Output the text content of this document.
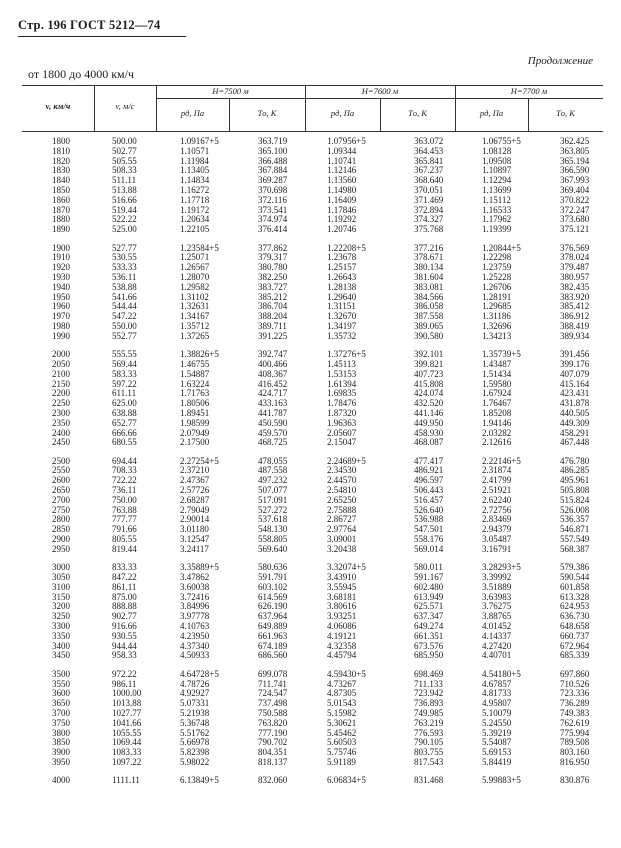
Стр. 196 ГОСТ 5212—74
Продолжение
от 1800 до 4000 км/ч
Н=7500 м	Н=7600 м	Н=7700 м
v, км/ч	v, м/с
pд, Па	Tо, К	pд, Па	Tо, К	pд, Па	Tо, К
1800	500.00	1.09167+5	363.719	1.07956+5	363.072	1.06755+5	362.425
1810	502.77	1.10571	365.100	1.09344	364.453	1.08128	363.805
1820	505.55	1.11984	366.488	1.10741	365.841	1.09508	365.194
1830	508.33	1.13405	367.884	1.12146	367.237	1.10897	366.590
1840	511.11	1.14834	369.287	1.13560	368.640	1.12294	367.993
1850	513.88	1.16272	370.698	1.14980	370.051	1.13699	369.404
1860	516.66	1.17718	372.116	1.16409	371.469	1.15112	370.822
1870	519.44	1.19172	373.541	1.17846	372.894	1.16533	372.247
1880	522.22	1.20634	374.974	1.19292	374.327	1.17962	373.680
1890	525.00	1.22105	376.414	1.20746	375.768	1.19399	375.121
1900	527.77	1.23584+5	377.862	1.22208+5	377.216	1.20844+5	376.569
1910	530.55	1.25071	379.317	1.23678	378.671	1.22298	378.024
1920	533.33	1.26567	380.780	1.25157	380.134	1.23759	379.487
1930	536.11	1.28070	382.250	1.26643	381.604	1.25228	380.957
1940	538.88	1.29582	383.727	1.28138	383.081	1.26706	382.435
1950	541.66	1.31102	385.212	1.29640	384.566	1.28191	383.920
1960	544.44	1.32631	386.704	1.31151	386.058	1.29685	385.412
1970	547.22	1.34167	388.204	1.32670	387.558	1.31186	386.912
1980	550.00	1.35712	389.711	1.34197	389.065	1.32696	388.419
1990	552.77	1.37265	391.225	1.35732	390.580	1.34213	389.934
2000	555.55	1.38826+5	392.747	1.37276+5	392.101	1.35739+5	391.456
2050	569.44	1.46755	400.466	1.45113	399.821	1.43487	399.176
2100	583.33	1.54887	408.367	1.53153	407.723	1.51434	407.079
2150	597.22	1.63224	416.452	1.61394	415.808	1.59580	415.164
2200	611.11	1.71763	424.717	1.69835	424.074	1.67924	423.431
2250	625.00	1.80506	433.163	1.78476	432.520	1.76467	431.878
2300	638.88	1.89451	441.787	1.87320	441.146	1.85208	440.505
2350	652.77	1.98599	450.590	1.96363	449.950	1.94146	449.309
2400	666.66	2.07949	459.570	2.05607	458.930	2.03282	458.291
2450	680.55	2.17500	468.725	2.15047	468.087	2.12616	467.448
2500	694.44	2.27254+5	478.055	2.24689+5	477.417	2.22146+5	476.780
2550	708.33	2.37210	487.558	2.34530	486.921	2.31874	486.285
2600	722.22	2.47367	497.232	2.44570	496.597	2.41799	495.961
2650	736.11	2.57726	507.077	2.54810	506.443	2.51921	505.808
2700	750.00	2.68287	517.091	2.65250	516.457	2.62240	515.824
2750	763.88	2.79049	527.272	2.75888	526.640	2.72756	526.008
2800	777.77	2.90014	537.618	2.86727	536.988	2.83469	536.357
2850	791.66	3.01180	548.130	2.97764	547.501	2.94379	546.871
2900	805.55	3.12547	558.805	3.09001	558.176	3.05487	557.549
2950	819.44	3.24117	569.640	3.20438	569.014	3.16791	568.387
3000	833.33	3.35889+5	580.636	3.32074+5	580.011	3.28293+5	579.386
3050	847.22	3.47862	591.791	3.43910	591.167	3.39992	590.544
3100	861.11	3.60038	603.102	3.55945	602.480	3.51889	601.858
3150	875.00	3.72416	614.569	3.68181	613.949	3.63983	613.328
3200	888.88	3.84996	626.190	3.80616	625.571	3.76275	624.953
3250	902.77	3.97778	637.964	3.93251	637.347	3.88765	636.730
3300	916.66	4.10763	649.889	4.06086	649.274	4.01452	648.658
3350	930.55	4.23950	661.963	4.19121	661.351	4.14337	660.737
3400	944.44	4.37340	674.189	4.32358	673.576	4.27420	672.964
3450	958.33	4.50933	686.560	4.45794	685.950	4.40701	685.339
3500	972.22	4.64728+5	699.078	4.59430+5	698.469	4.54180+5	697.860
3550	986.11	4.78726	711.741	4.73267	711.133	4.67857	710.526
3600	1000.00	4.92927	724.547	4.87305	723.942	4.81733	723.336
3650	1013.88	5.07331	737.498	5.01543	736.893	4.95807	736.289
3700	1027.77	5.21938	750.588	5.15982	749.985	5.10079	749.383
3750	1041.66	5.36748	763.820	5.30621	763.219	5.24550	762.619
3800	1055.55	5.51762	777.190	5.45462	776.593	5.39219	775.994
3850	1069.44	5.66978	790.702	5.60503	790.105	5.54087	789.508
3900	1083.33	5.82398	804.351	5.75746	803.755	5.69153	803.160
3950	1097.22	5.98022	818.137	5.91189	817.543	5.84419	816.950
4000	1111.11	6.13849+5	832.060	6.06834+5	831.468	5.99883+5	830.876
